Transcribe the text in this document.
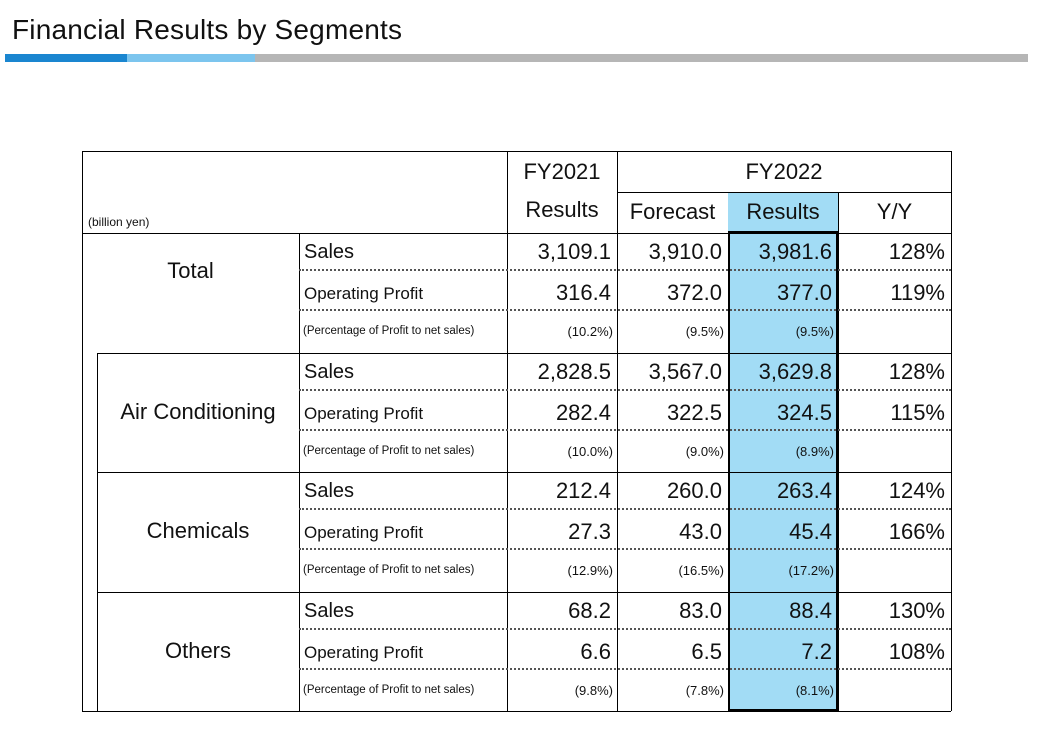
Financial Results by Segments
(billion yen)
FY2021
Results
FY2022
Forecast	Results	Y/Y
Total
Sales	3,109.1	3,910.0	3,981.6	128%
Operating Profit	316.4	372.0	377.0	119%
(Percentage of Profit to net sales)	(10.2%)	(9.5%)	(9.5%)
Air Conditioning
Sales	2,828.5	3,567.0	3,629.8	128%
Operating Profit	282.4	322.5	324.5	115%
(Percentage of Profit to net sales)	(10.0%)	(9.0%)	(8.9%)
Chemicals
Sales	212.4	260.0	263.4	124%
Operating Profit	27.3	43.0	45.4	166%
(Percentage of Profit to net sales)	(12.9%)	(16.5%)	(17.2%)
Others
Sales	68.2	83.0	88.4	130%
Operating Profit	6.6	6.5	7.2	108%
(Percentage of Profit to net sales)	(9.8%)	(7.8%)	(8.1%)
